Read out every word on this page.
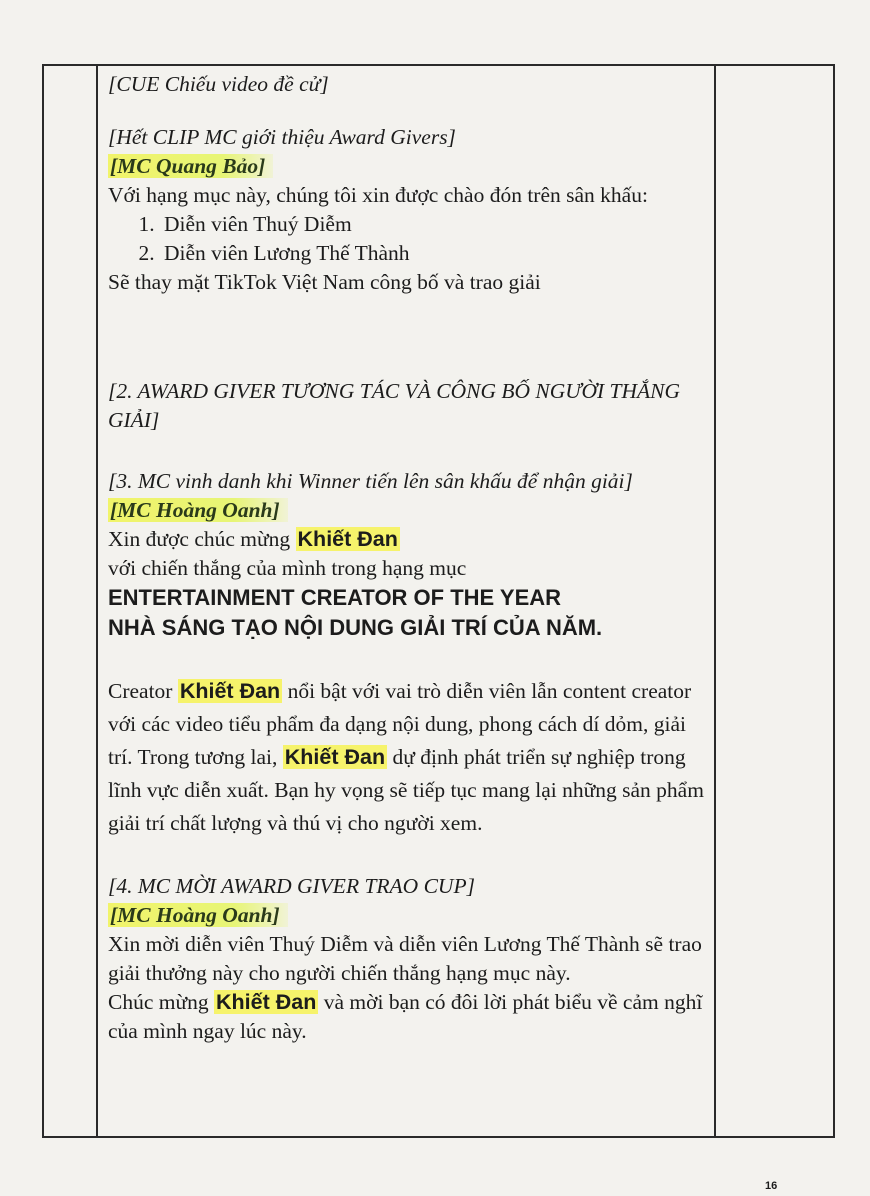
[CUE Chiếu video đề cử]
[Hết CLIP MC giới thiệu Award Givers]
[MC Quang Bảo]
Với hạng mục này, chúng tôi xin được chào đón trên sân khấu:
1. Diễn viên Thuý Diễm
2. Diễn viên Lương Thế Thành
Sẽ thay mặt TikTok Việt Nam công bố và trao giải
[2. AWARD GIVER TƯƠNG TÁC VÀ CÔNG BỐ NGƯỜI THẮNG GIẢI]
[3. MC vinh danh khi Winner tiến lên sân khấu để nhận giải]
[MC Hoàng Oanh]
Xin được chúc mừng Khiết Đan
với chiến thắng của mình trong hạng mục
ENTERTAINMENT CREATOR OF THE YEAR
NHÀ SÁNG TẠO NỘI DUNG GIẢI TRÍ CỦA NĂM.
Creator Khiết Đan nổi bật với vai trò diễn viên lẫn content creator với các video tiểu phẩm đa dạng nội dung, phong cách dí dỏm, giải trí. Trong tương lai, Khiết Đan dự định phát triển sự nghiệp trong lĩnh vực diễn xuất. Bạn hy vọng sẽ tiếp tục mang lại những sản phẩm giải trí chất lượng và thú vị cho người xem.
[4. MC MỜI AWARD GIVER TRAO CUP]
[MC Hoàng Oanh]
Xin mời diễn viên Thuý Diễm và diễn viên Lương Thế Thành sẽ trao giải thưởng này cho người chiến thắng hạng mục này.
Chúc mừng Khiết Đan và mời bạn có đôi lời phát biểu về cảm nghĩ của mình ngay lúc này.
16
